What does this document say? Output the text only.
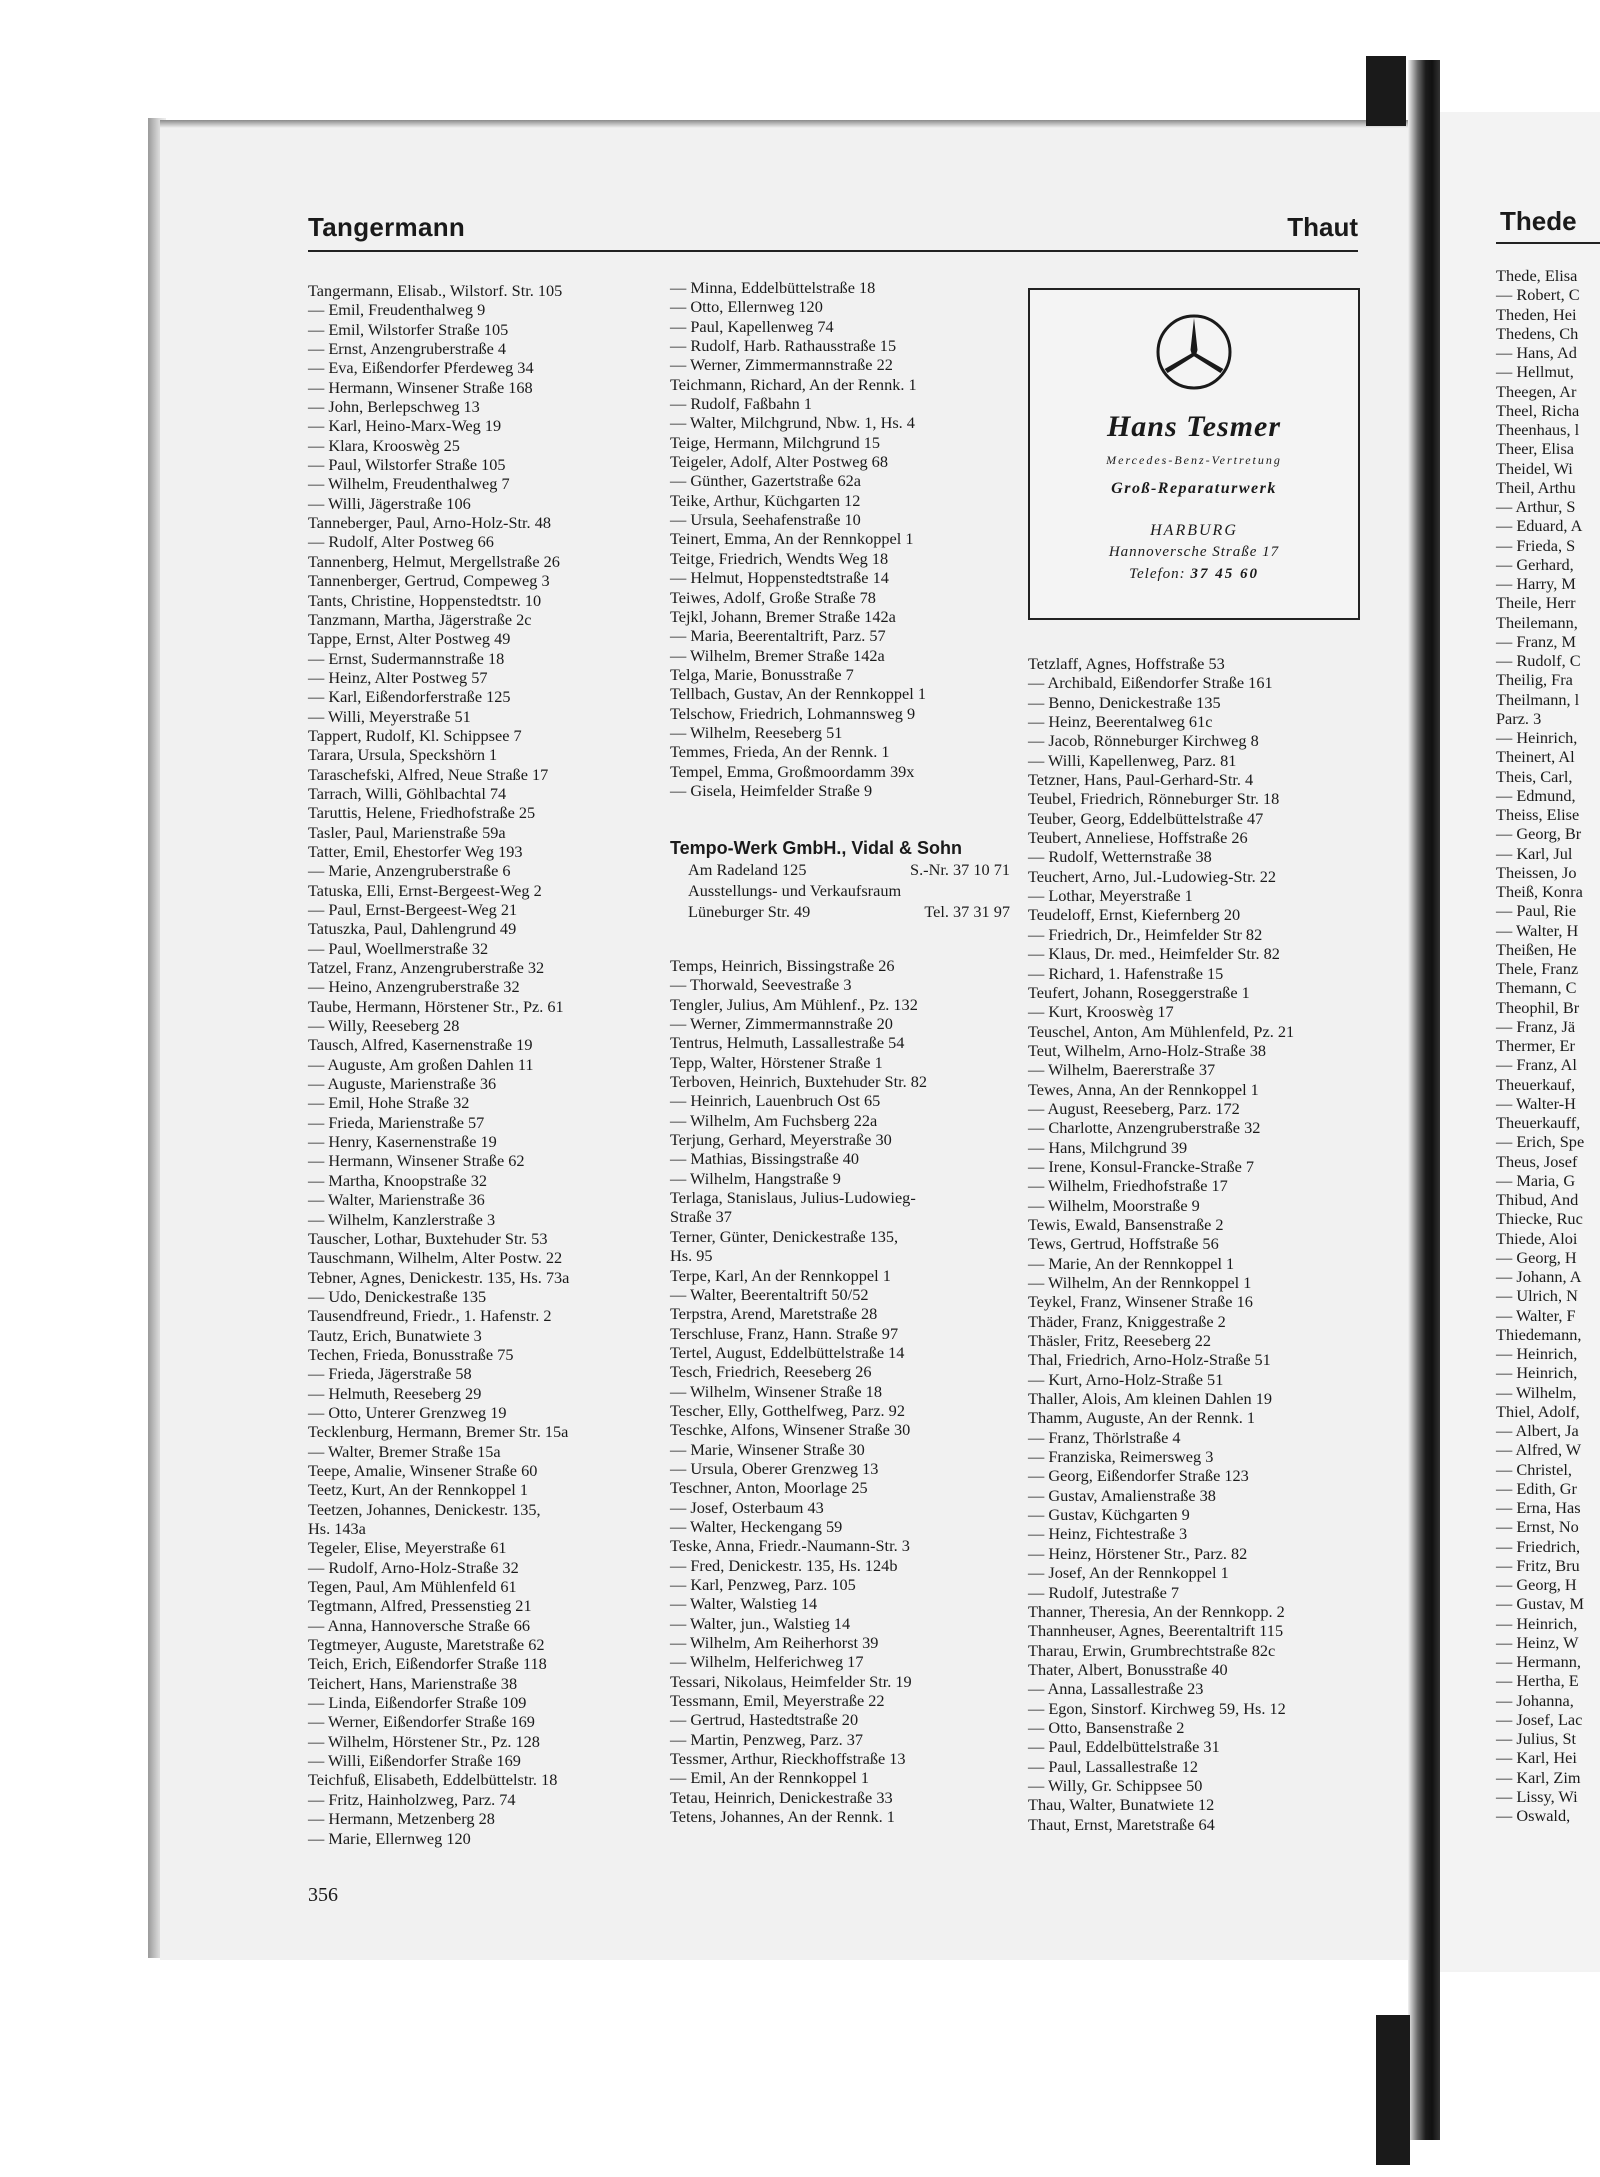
Tangermann	Thaut	Thede
Tangermann, Elisab., Wilstorf. Str. 105
— Emil, Freudenthalweg 9
— Emil, Wilstorfer Straße 105
— Ernst, Anzengruberstraße 4
— Eva, Eißendorfer Pferdeweg 34
— Hermann, Winsener Straße 168
— John, Berlepschweg 13
— Karl, Heino-Marx-Weg 19
— Klara, Krooswèg 25
— Paul, Wilstorfer Straße 105
— Wilhelm, Freudenthalweg 7
— Willi, Jägerstraße 106
Tanneberger, Paul, Arno-Holz-Str. 48
— Rudolf, Alter Postweg 66
Tannenberg, Helmut, Mergellstraße 26
Tannenberger, Gertrud, Compeweg 3
Tants, Christine, Hoppenstedtstr. 10
Tanzmann, Martha, Jägerstraße 2c
Tappe, Ernst, Alter Postweg 49
— Ernst, Sudermannstraße 18
— Heinz, Alter Postweg 57
— Karl, Eißendorferstraße 125
— Willi, Meyerstraße 51
Tappert, Rudolf, Kl. Schippsee 7
Tarara, Ursula, Speckshörn 1
Taraschefski, Alfred, Neue Straße 17
Tarrach, Willi, Göhlbachtal 74
Taruttis, Helene, Friedhofstraße 25
Tasler, Paul, Marienstraße 59a
Tatter, Emil, Ehestorfer Weg 193
— Marie, Anzengruberstraße 6
Tatuska, Elli, Ernst-Bergeest-Weg 2
— Paul, Ernst-Bergeest-Weg 21
Tatuszka, Paul, Dahlengrund 49
— Paul, Woellmerstraße 32
Tatzel, Franz, Anzengruberstraße 32
— Heino, Anzengruberstraße 32
Taube, Hermann, Hörstener Str., Pz. 61
— Willy, Reeseberg 28
Tausch, Alfred, Kasernenstraße 19
— Auguste, Am großen Dahlen 11
— Auguste, Marienstraße 36
— Emil, Hohe Straße 32
— Frieda, Marienstraße 57
— Henry, Kasernenstraße 19
— Hermann, Winsener Straße 62
— Martha, Knoopstraße 32
— Walter, Marienstraße 36
— Wilhelm, Kanzlerstraße 3
Tauscher, Lothar, Buxtehuder Str. 53
Tauschmann, Wilhelm, Alter Postw. 22
Tebner, Agnes, Denickestr. 135, Hs. 73a
— Udo, Denickestraße 135
Tausendfreund, Friedr., 1. Hafenstr. 2
Tautz, Erich, Bunatwiete 3
Techen, Frieda, Bonusstraße 75
— Frieda, Jägerstraße 58
— Helmuth, Reeseberg 29
— Otto, Unterer Grenzweg 19
Tecklenburg, Hermann, Bremer Str. 15a
— Walter, Bremer Straße 15a
Teepe, Amalie, Winsener Straße 60
Teetz, Kurt, An der Rennkoppel 1
Teetzen, Johannes, Denickestr. 135,
Hs. 143a
Tegeler, Elise, Meyerstraße 61
— Rudolf, Arno-Holz-Straße 32
Tegen, Paul, Am Mühlenfeld 61
Tegtmann, Alfred, Pressenstieg 21
— Anna, Hannoversche Straße 66
Tegtmeyer, Auguste, Maretstraße 62
Teich, Erich, Eißendorfer Straße 118
Teichert, Hans, Marienstraße 38
— Linda, Eißendorfer Straße 109
— Werner, Eißendorfer Straße 169
— Wilhelm, Hörstener Str., Pz. 128
— Willi, Eißendorfer Straße 169
Teichfuß, Elisabeth, Eddelbüttelstr. 18
— Fritz, Hainholzweg, Parz. 74
— Hermann, Metzenberg 28
— Marie, Ellernweg 120
— Minna, Eddelbüttelstraße 18
— Otto, Ellernweg 120
— Paul, Kapellenweg 74
— Rudolf, Harb. Rathausstraße 15
— Werner, Zimmermannstraße 22
Teichmann, Richard, An der Rennk. 1
— Rudolf, Faßbahn 1
— Walter, Milchgrund, Nbw. 1, Hs. 4
Teige, Hermann, Milchgrund 15
Teigeler, Adolf, Alter Postweg 68
— Günther, Gazertstraße 62a
Teike, Arthur, Küchgarten 12
— Ursula, Seehafenstraße 10
Teinert, Emma, An der Rennkoppel 1
Teitge, Friedrich, Wendts Weg 18
— Helmut, Hoppenstedtstraße 14
Teiwes, Adolf, Große Straße 78
Tejkl, Johann, Bremer Straße 142a
— Maria, Beerentaltrift, Parz. 57
— Wilhelm, Bremer Straße 142a
Telga, Marie, Bonusstraße 7
Tellbach, Gustav, An der Rennkoppel 1
Telschow, Friedrich, Lohmannsweg 9
— Wilhelm, Reeseberg 51
Temmes, Frieda, An der Rennk. 1
Tempel, Emma, Großmoordamm 39x
— Gisela, Heimfelder Straße 9
Tempo-Werk GmbH., Vidal & Sohn
Am Radeland 125	S.-Nr. 37 10 71
Ausstellungs- und Verkaufsraum
Lüneburger Str. 49	Tel. 37 31 97
Temps, Heinrich, Bissingstraße 26
— Thorwald, Seevestraße 3
Tengler, Julius, Am Mühlenf., Pz. 132
— Werner, Zimmermannstraße 20
Tentrus, Helmuth, Lassallestraße 54
Tepp, Walter, Hörstener Straße 1
Terboven, Heinrich, Buxtehuder Str. 82
— Heinrich, Lauenbruch Ost 65
— Wilhelm, Am Fuchsberg 22a
Terjung, Gerhard, Meyerstraße 30
— Mathias, Bissingstraße 40
— Wilhelm, Hangstraße 9
Terlaga, Stanislaus, Julius-Ludowieg-
Straße 37
Terner, Günter, Denickestraße 135,
Hs. 95
Terpe, Karl, An der Rennkoppel 1
— Walter, Beerentaltrift 50/52
Terpstra, Arend, Maretstraße 28
Terschluse, Franz, Hann. Straße 97
Tertel, August, Eddelbüttelstraße 14
Tesch, Friedrich, Reeseberg 26
— Wilhelm, Winsener Straße 18
Tescher, Elly, Gotthelfweg, Parz. 92
Teschke, Alfons, Winsener Straße 30
— Marie, Winsener Straße 30
— Ursula, Oberer Grenzweg 13
Teschner, Anton, Moorlage 25
— Josef, Osterbaum 43
— Walter, Heckengang 59
Teske, Anna, Friedr.-Naumann-Str. 3
— Fred, Denickestr. 135, Hs. 124b
— Karl, Penzweg, Parz. 105
— Walter, Walstieg 14
— Walter, jun., Walstieg 14
— Wilhelm, Am Reiherhorst 39
— Wilhelm, Helferichweg 17
Tessari, Nikolaus, Heimfelder Str. 19
Tessmann, Emil, Meyerstraße 22
— Gertrud, Hastedtstraße 20
— Martin, Penzweg, Parz. 37
Tessmer, Arthur, Rieckhoffstraße 13
— Emil, An der Rennkoppel 1
Tetau, Heinrich, Denickestraße 33
Tetens, Johannes, An der Rennk. 1
Hans Tesmer
Mercedes-Benz-Vertretung
Groß-Reparaturwerk
HARBURG
Hannoversche Straße 17
Telefon: 37 45 60
Tetzlaff, Agnes, Hoffstraße 53
— Archibald, Eißendorfer Straße 161
— Benno, Denickestraße 135
— Heinz, Beerentalweg 61c
— Jacob, Rönneburger Kirchweg 8
— Willi, Kapellenweg, Parz. 81
Tetzner, Hans, Paul-Gerhard-Str. 4
Teubel, Friedrich, Rönneburger Str. 18
Teuber, Georg, Eddelbüttelstraße 47
Teubert, Anneliese, Hoffstraße 26
— Rudolf, Wetternstraße 38
Teuchert, Arno, Jul.-Ludowieg-Str. 22
— Lothar, Meyerstraße 1
Teudeloff, Ernst, Kiefernberg 20
— Friedrich, Dr., Heimfelder Str 82
— Klaus, Dr. med., Heimfelder Str. 82
— Richard, 1. Hafenstraße 15
Teufert, Johann, Roseggerstraße 1
— Kurt, Krooswèg 17
Teuschel, Anton, Am Mühlenfeld, Pz. 21
Teut, Wilhelm, Arno-Holz-Straße 38
— Wilhelm, Baererstraße 37
Tewes, Anna, An der Rennkoppel 1
— August, Reeseberg, Parz. 172
— Charlotte, Anzengruberstraße 32
— Hans, Milchgrund 39
— Irene, Konsul-Francke-Straße 7
— Wilhelm, Friedhofstraße 17
— Wilhelm, Moorstraße 9
Tewis, Ewald, Bansenstraße 2
Tews, Gertrud, Hoffstraße 56
— Marie, An der Rennkoppel 1
— Wilhelm, An der Rennkoppel 1
Teykel, Franz, Winsener Straße 16
Thäder, Franz, Kniggestraße 2
Thäsler, Fritz, Reeseberg 22
Thal, Friedrich, Arno-Holz-Straße 51
— Kurt, Arno-Holz-Straße 51
Thaller, Alois, Am kleinen Dahlen 19
Thamm, Auguste, An der Rennk. 1
— Franz, Thörlstraße 4
— Franziska, Reimersweg 3
— Georg, Eißendorfer Straße 123
— Gustav, Amalienstraße 38
— Gustav, Küchgarten 9
— Heinz, Fichtestraße 3
— Heinz, Hörstener Str., Parz. 82
— Josef, An der Rennkoppel 1
— Rudolf, Jutestraße 7
Thanner, Theresia, An der Rennkopp. 2
Thannheuser, Agnes, Beerentaltrift 115
Tharau, Erwin, Grumbrechtstraße 82c
Thater, Albert, Bonusstraße 40
— Anna, Lassallestraße 23
— Egon, Sinstorf. Kirchweg 59, Hs. 12
— Otto, Bansenstraße 2
— Paul, Eddelbüttelstraße 31
— Paul, Lassallestraße 12
— Willy, Gr. Schippsee 50
Thau, Walter, Bunatwiete 12
Thaut, Ernst, Maretstraße 64
Thede, Elisa
— Robert, C
Theden, Hei
Thedens, Ch
— Hans, Ad
— Hellmut,
Theegen, Ar
Theel, Richa
Theenhaus, l
Theer, Elisa
Theidel, Wi
Theil, Arthu
— Arthur, S
— Eduard, A
— Frieda, S
— Gerhard,
— Harry, M
Theile, Herr
Theilemann,
— Franz, M
— Rudolf, C
Theilig, Fra
Theilmann, l
Parz. 3
— Heinrich,
Theinert, Al
Theis, Carl,
— Edmund,
Theiss, Elise
— Georg, Br
— Karl, Jul
Theissen, Jo
Theiß, Konra
— Paul, Rie
— Walter, H
Theißen, He
Thele, Franz
Themann, C
Theophil, Br
— Franz, Jä
Thermer, Er
— Franz, Al
Theuerkauf,
— Walter-H
Theuerkauff,
— Erich, Spe
Theus, Josef
— Maria, G
Thibud, And
Thiecke, Ruc
Thiede, Aloi
— Georg, H
— Johann, A
— Ulrich, N
— Walter, F
Thiedemann,
— Heinrich,
— Heinrich,
— Wilhelm,
Thiel, Adolf,
— Albert, Ja
— Alfred, W
— Christel,
— Edith, Gr
— Erna, Has
— Ernst, No
— Friedrich,
— Fritz, Bru
— Georg, H
— Gustav, M
— Heinrich,
— Heinz, W
— Hermann,
— Hertha, E
— Johanna,
— Josef, Lac
— Julius, St
— Karl, Hei
— Karl, Zim
— Lissy, Wi
— Oswald,
356
